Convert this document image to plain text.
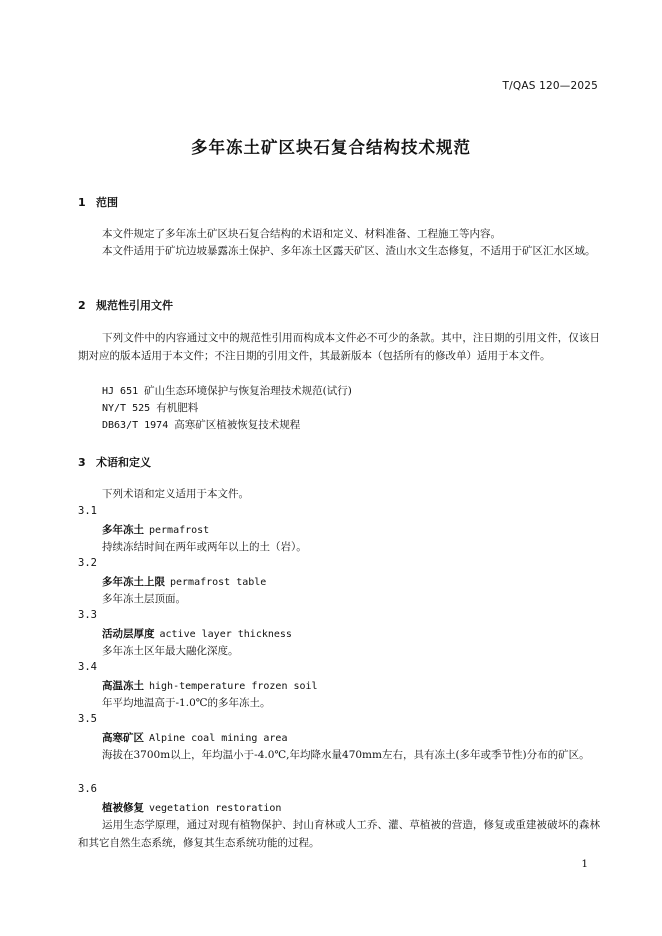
T/QAS 120—2025
多年冻土矿区块石复合结构技术规范
1 范围
本文件规定了多年冻土矿区块石复合结构的术语和定义、材料准备、工程施工等内容。
本文件适用于矿坑边坡暴露冻土保护、多年冻土区露天矿区、渣山水文生态修复，不适用于矿区汇水区域。
2 规范性引用文件
下列文件中的内容通过文中的规范性引用而构成本文件必不可少的条款。其中，注日期的引用文件，仅该日期对应的版本适用于本文件；不注日期的引用文件，其最新版本（包括所有的修改单）适用于本文件。
HJ 651 矿山生态环境保护与恢复治理技术规范(试行)
NY/T 525 有机肥料
DB63/T 1974 高寒矿区植被恢复技术规程
3 术语和定义
下列术语和定义适用于本文件。
3.1
多年冻土 permafrost
持续冻结时间在两年或两年以上的土（岩）。
3.2
多年冻土上限 permafrost table
多年冻土层顶面。
3.3
活动层厚度 active layer thickness
多年冻土区年最大融化深度。
3.4
高温冻土 high-temperature frozen soil
年平均地温高于-1.0℃的多年冻土。
3.5
高寒矿区 Alpine coal mining area
海拔在3700m以上，年均温小于-4.0℃,年均降水量470mm左右，具有冻土(多年或季节性)分布的矿区。
3.6
植被修复 vegetation restoration
运用生态学原理，通过对现有植物保护、封山育林或人工乔、灌、草植被的营造，修复或重建被破坏的森林和其它自然生态系统，修复其生态系统功能的过程。
1
